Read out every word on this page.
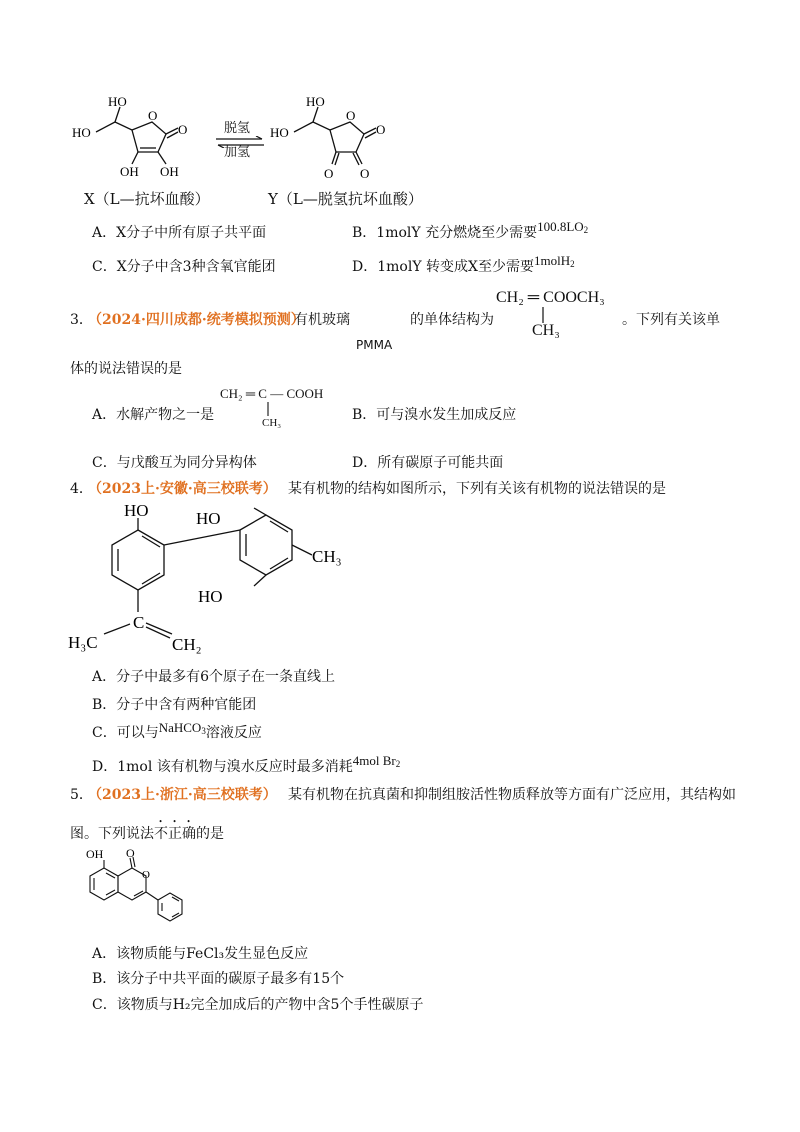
HO
HO
O
O
OH OH
脱氢
加氢
HO
HO
O
O
O O
X（L—抗坏血酸）	Y（L—脱氢抗坏血酸）
A．X分子中所有原子共平面	B．1molY 充分燃烧至少需要$100.8LO_2$
C．X分子中含3种含氧官能团	D．1molY 转变成X至少需要1molH$_2$
3．
（2024·四川成都·统考模拟预测）
有机玻璃
PMMA
的单体结构为
CH₂ ═ COOCH₃
CH₃
。下列有关该单
体的说法错误的是
A．水解产物之一是
CH₂ ═ C — COOH
CH₃	B．可与溴水发生加成反应
C．与戊酸互为同分异构体	D．所有碳原子可能共面
4．
（2023上·安徽·高三校联考） 某有机物的结构如图所示，下列有关该有机物的说法错误的是
HO	HO
CH₃
HO
C
H₃C	CH₂
A．分子中最多有6个原子在一条直线上
B．分子中含有两种官能团
C．可以与NaHCO$_3$溶液反应
D．1mol 该有机物与溴水反应时最多消耗4mol $Br_2$
5．
（2023上·浙江·高三校联考） 某有机物在抗真菌和抑制组胺活性物质释放等方面有广泛应用，其结构如
图。下列说法不正确的是
OH O
O
A．该物质能与FeCl₃发生显色反应
B．该分子中共平面的碳原子最多有15个
C．该物质与H₂完全加成后的产物中含5个手性碳原子
